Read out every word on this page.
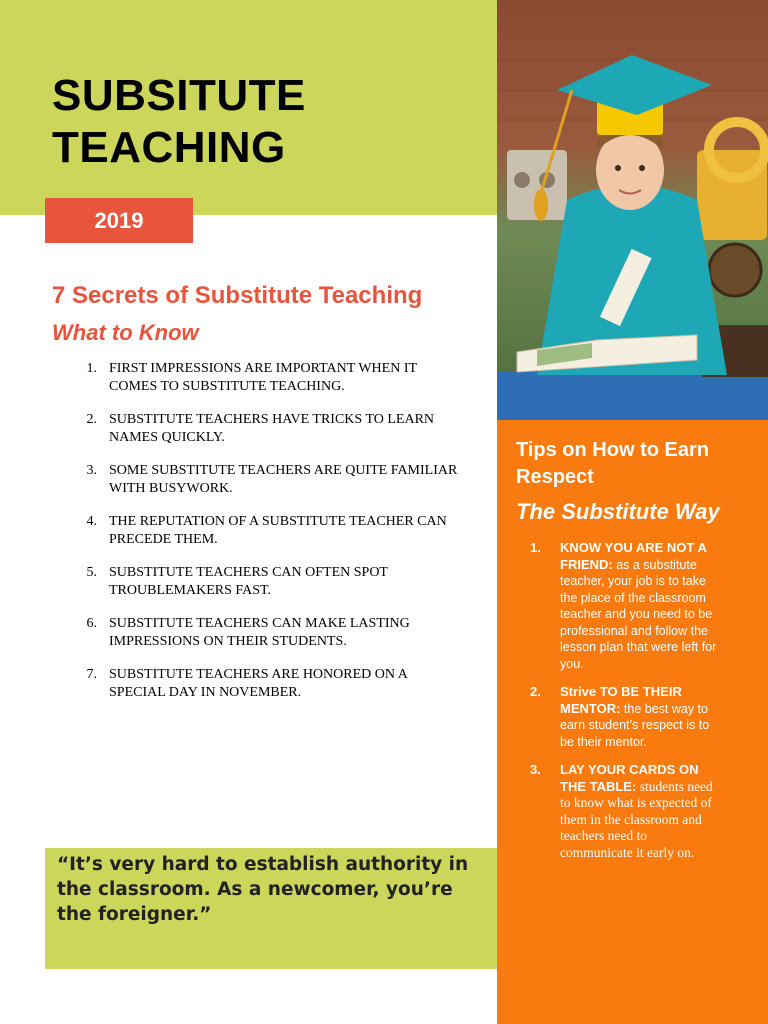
SUBSITUTE
TEACHING
2019
7 Secrets of Substitute Teaching
What to Know
1. FIRST IMPRESSIONS ARE IMPORTANT WHEN IT
COMES TO SUBSTITUTE TEACHING.
2. SUBSTITUTE TEACHERS HAVE TRICKS TO LEARN
NAMES QUICKLY.
3. SOME SUBSTITUTE TEACHERS ARE QUITE FAMILIAR
WITH BUSYWORK.
4. THE REPUTATION OF A SUBSTITUTE TEACHER CAN
PRECEDE THEM.
5. SUBSTITUTE TEACHERS CAN OFTEN SPOT
TROUBLEMAKERS FAST.
6. SUBSTITUTE TEACHERS CAN MAKE LASTING
IMPRESSIONS ON THEIR STUDENTS.
7. SUBSTITUTE TEACHERS ARE HONORED ON A
SPECIAL DAY IN NOVEMBER.

“It’s very hard to establish authority in the classroom. As a newcomer, you’re the foreigner.”

Tips on How to Earn Respect
The Substitute Way
1.	KNOW YOU ARE NOT A FRIEND: as a substitute teacher, your job is to take the place of the classroom teacher and you need to be professional and follow the lesson plan that were left for you.
2.	Strive TO BE THEIR MENTOR: the best way to earn student’s respect is to be their mentor.
3.	LAY YOUR CARDS ON THE TABLE: students need to know what is expected of them in the classroom and teachers need to communicate it early on.
